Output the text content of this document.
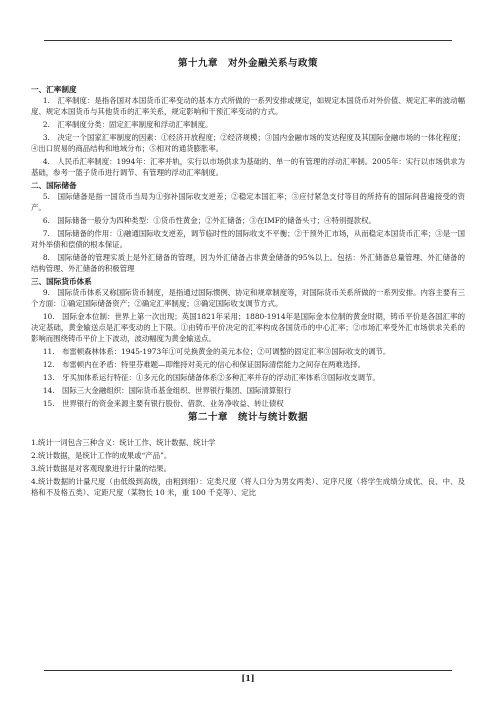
第十九章　对外金融关系与政策
一、汇率制度

1.　汇率制度：是指各国对本国货币汇率变动的基本方式所做的一系列安排或规定，如规定本国货币对外价值、规定汇率的波动幅度、规定本国货币与其他货币的汇率关系，规定影响和干预汇率变动的方式。

2.　汇率制度分类：固定汇率制度和浮动汇率制度。

3.　决定一个国家汇率制度的因素：①经济开放程度；②经济规模；③国内金融市场的发达程度及其国际金融市场的一体化程度；④出口贸易的商品结构和地域分布；⑤相对的通货膨胀率。

4.　人民币汇率制度：1994年：汇率并轨，实行以市场供求为基础的、单一的有管理的浮动汇率制。2005年：实行以市场供求为基础，参考一篮子货币进行调节、有管理的浮动汇率制度。

二、国际储备

5.　国际储备是指一国货币当局为①弥补国际收支逆差；②稳定本国汇率；③应付紧急支付等目的所持有的国际间普遍接受的资产。

6.　国际储备一般分为四种类型：①货币性黄金；②外汇储备；③在IMF的储备头寸；④特别提款权。

7.　国际储备的作用：①融通国际收支逆差，调节临时性的国际收支不平衡；②干预外汇市场，从而稳定本国货币汇率；③是一国对外举债和偿债的根本保证。

8.　国际储备的管理实质上是外汇储备的管理，因为外汇储备占非黄金储备的95%以上。包括：外汇储备总量管理、外汇储备的结构管理、外汇储备的积极管理

三、国际货币体系

9.　国际货币体系又称国际货币制度，是指通过国际惯例、协定和规章制度等，对国际货币关系所做的一系列安排。内容主要有三个方面：①确定国际储备资产；②确定汇率制度；③确定国际收支调节方式。

10.　国际金本位制：世界上第一次出现；英国1821年采用；1880-1914年是国际金本位制的黄金时期，铸币平价是各国汇率的决定基础，黄金输送点是汇率变动的上下限。①由铸币平价决定的汇率构成各国货币的中心汇率；②市场汇率受外汇市场供求关系的影响而围绕铸币平价上下波动，波动幅度为黄金输送点。

11.　布雷顿森林体系：1945-1973年①可兑换黄金的美元本位；②可调整的固定汇率③国际收支的调节。

12.　布雷顿内在矛盾：特里芬难题—即维持对美元的信心和保证国际清偿能力之间存在两难选择。

13.　牙买加体系运行特征：①多元化的国际储备体系②多种汇率并存的浮动汇率体系③国际收支调节。

14.　国际三大金融组织：国际货币基金组织、世界银行集团、国际清算银行

15.　世界银行的资金来源主要有银行股份、借款、业务净收益、转让债权

第二十章　统计与统计数据

1.统计一词包含三种含义：统计工作、统计数据、统计学

2.统计数据，是统计工作的成果或“产品”。

3.统计数据是对客观现象进行计量的结果。

4.统计数据的计量尺度（由低级到高级，由粗到细）：定类尺度（将人口分为男女两类）、定序尺度（将学生成绩分成优、良、中、及格和不及格五类）、定距尺度（某物长 10 米，重 100 千克等）、定比

[1]
